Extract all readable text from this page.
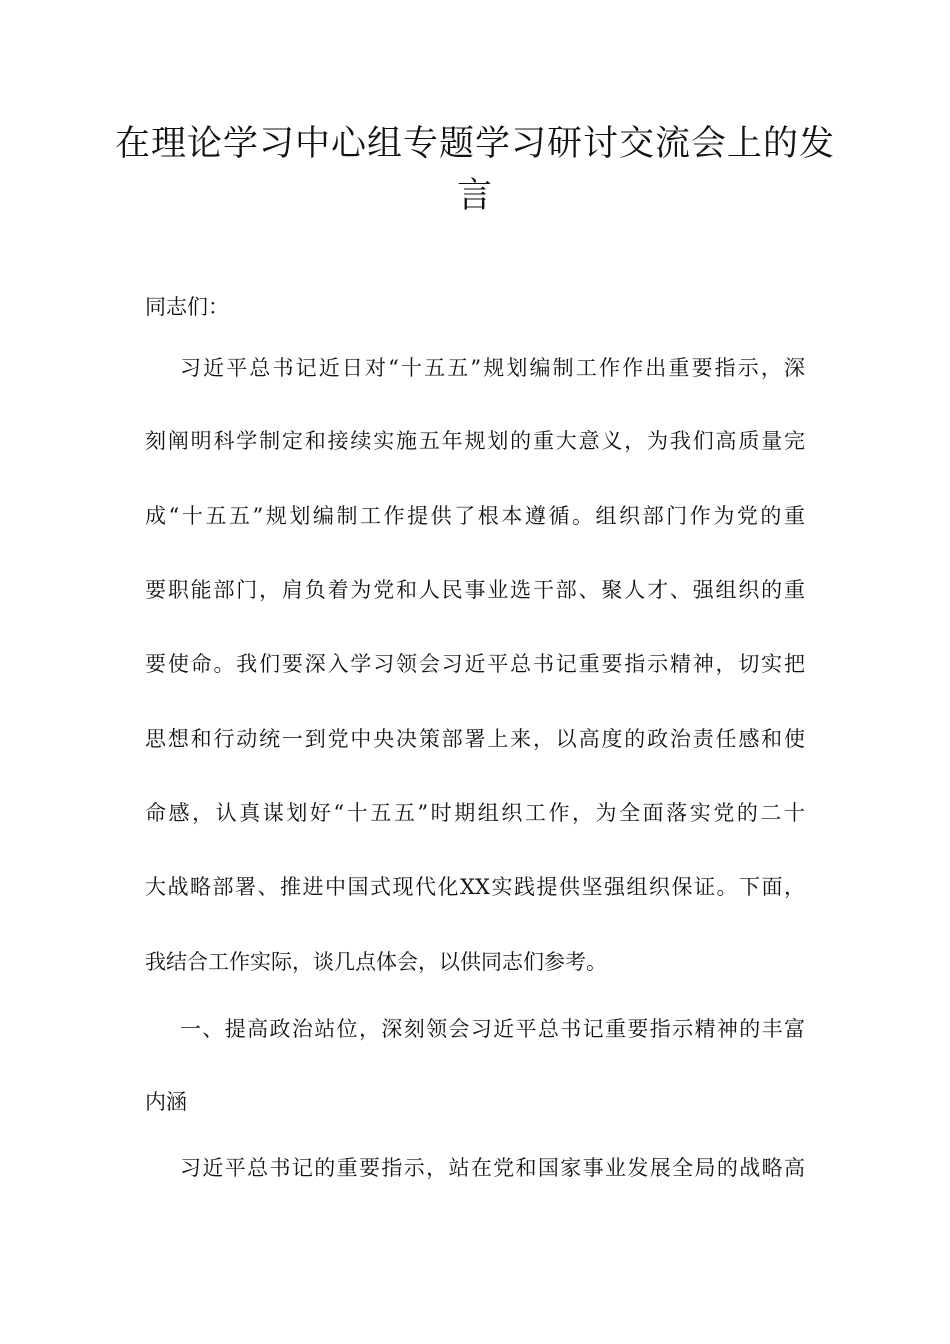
在理论学习中心组专题学习研讨交流会上的发言

同志们：

习近平总书记近日对“十五五”规划编制工作作出重要指示，深

刻阐明科学制定和接续实施五年规划的重大意义，为我们高质量完

成“十五五”规划编制工作提供了根本遵循。组织部门作为党的重

要职能部门，肩负着为党和人民事业选干部、聚人才、强组织的重

要使命。我们要深入学习领会习近平总书记重要指示精神，切实把

思想和行动统一到党中央决策部署上来，以高度的政治责任感和使

命感，认真谋划好“十五五”时期组织工作，为全面落实党的二十

大战略部署、推进中国式现代化XX实践提供坚强组织保证。下面，

我结合工作实际，谈几点体会，以供同志们参考。

一、提高政治站位，深刻领会习近平总书记重要指示精神的丰富

内涵

习近平总书记的重要指示，站在党和国家事业发展全局的战略高
